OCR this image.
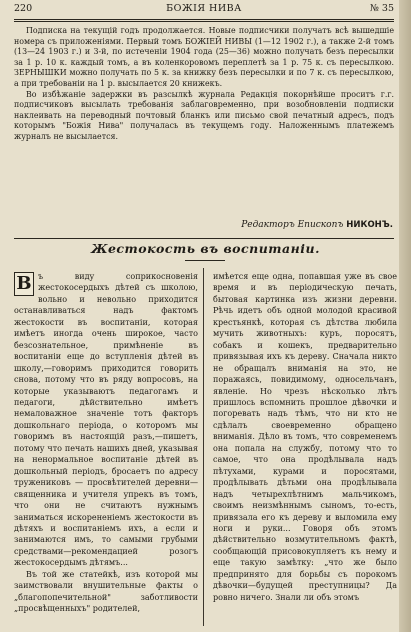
220	БОЖІЯ НИВА	№ 35

Подписка на текущій годъ продолжается. Новые подписчики получатъ всѣ вышедшіе номера съ приложеніями. Первый томъ БОЖІЕЙ НИВЫ (1—12 1902 г.), а также 2-й томъ (13—24 1903 г.) и 3-й, по истеченіи 1904 года (25—36) можно получать безъ пересылки за 1 р. 10 к. каждый томъ, а въ коленкоровомъ переплетѣ за 1 р. 75 к. съ пересылкою. ЗЕРНЫШКИ можно получать по 5 к. за книжку безъ пересылки и по 7 к. съ пересылкою, а при требованіи на 1 р. высылается 20 книжекъ.

Во избѣжаніе задержки въ разсылкѣ журнала Редакція покорнѣйше проситъ г.г. подписчиковъ высылать требованія заблаговременно, при возобновленіи подписки наклеивать на переводный почтовый бланкъ или письмо свой печатный адресъ, подъ которымъ "Божія Нива" получалась въ текущемъ году. Наложеннымъ платежемъ журналъ не высылается.

Редакторъ Епископъ НИКОНЪ.
Жестокость въ воспитаніи.
В ъ виду соприкосновенія жестокосердыхъ дѣтей съ школою, вольно и невольно приходится останавливаться надъ фактомъ жестокости въ воспитаніи, которая имѣетъ иногда очень широкое, часто безсознательное, примѣненіе въ воспитаніи еще до вступленія дѣтей въ школу,—говоримъ приходится говорить снова, потому что въ ряду вопросовъ, на которые указываютъ педагогамъ и педагоги, дѣйствительно имѣетъ немаловажное значеніе тотъ факторъ дошкольнаго періода, о которомъ мы говоримъ въ настоящій разъ,—пишетъ, потому что печать нашихъ дней, указывая на ненормальное воспитаніе дѣтей въ дошкольный періодъ, бросаетъ по адресу тружениковъ — просвѣтителей деревни—священника и учителя упрекъ въ томъ, что они не считаютъ нужнымъ заниматься искорененіемъ жестокости въ дѣтяхъ и воспитаніемъ ихъ, а если и занимаются имъ, то самыми грубыми средствами—рекомендацией розогъ жестокосердымъ дѣтямъ...

Въ той же статейкѣ, изъ которой мы заимствовали внушительные факты о „благопопечительной" заботливости „просвѣщенныхъ" родителей,

имѣется еще одна, попавшая уже въ свое время и въ періодическую печать, бытовая картинка изъ жизни деревни. Рѣчь идетъ объ одной молодой красивой крестьянкѣ, которая съ дѣтства любила мучить животныхъ: куръ, поросятъ, собакъ и кошекъ, предварительно привязывая ихъ къ дереву. Сначала никто не обращалъ вниманія на это, не поражаясь, повидимому, односельчанъ, явленіе. Но чрезъ нѣсколько лѣтъ пришлось вспомнить прошлое дѣвочки и погоревать надъ тѣмъ, что ни кто не сдѣлалъ своевременно обращено вниманія. Дѣло въ томъ, что современемъ она попала на службу, потому что то самое, что она продѣлывала надъ пѣтухами, курами и поросятами, продѣлывать дѣтьми она продѣлывала надъ четырехлѣтнимъ мальчикомъ, своимъ неизмѣннымъ сыномъ, то-есть, привязала его къ дереву и выломила ему ноги и руки... Говоря объ этомъ дѣйствительно возмутительномъ фактѣ, сообщающій присовокупляетъ къ нему и еще такую замѣтку: „что же было предпринято для борьбы съ порокомъ дѣвочки—будущей преступницы? Да ровно ничего. Знали ли объ этомъ
